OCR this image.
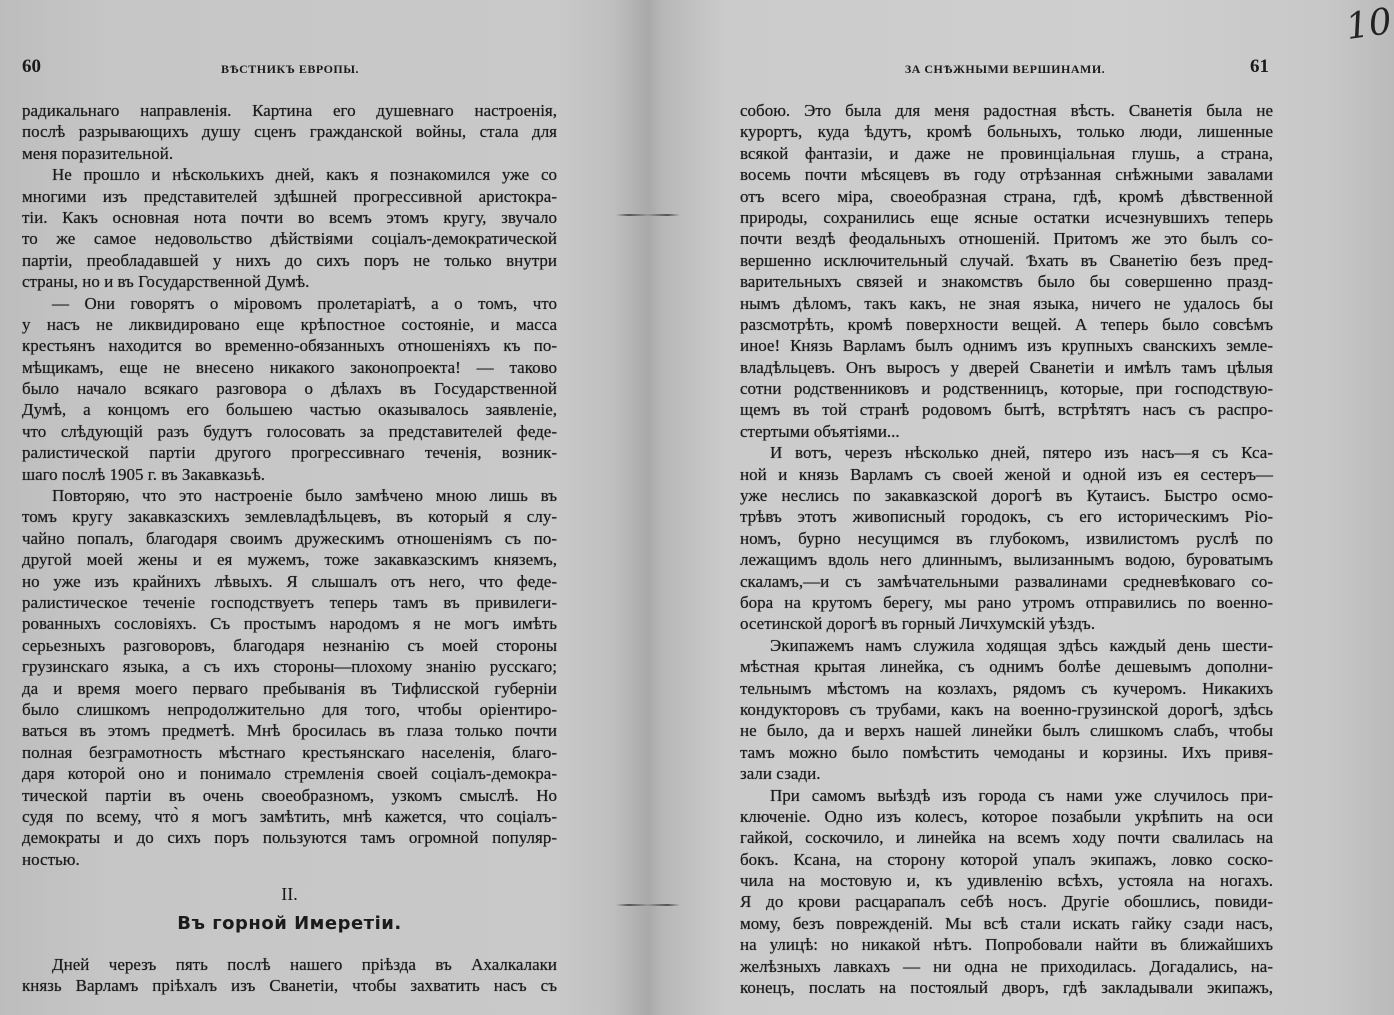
60	ВѢСТНИКЪ ЕВРОПЫ.
радикальнаго направленія. Картина его душевнаго настроенія,
послѣ разрывающихъ душу сценъ гражданской войны, стала для
меня поразительной.
Не прошло и нѣсколькихъ дней, какъ я познакомился уже со
многими изъ представителей здѣшней прогрессивной аристокра-
тіи. Какъ основная нота почти во всемъ этомъ кругу, звучало
то же самое недовольство дѣйствіями соціалъ-демократической
партіи, преобладавшей у нихъ до сихъ поръ не только внутри
страны, но и въ Государственной Думѣ.
— Они говорятъ о міровомъ пролетаріатѣ, а о томъ, что
у насъ не ликвидировано еще крѣпостное состояніе, и масса
крестьянъ находится во временно-обязанныхъ отношеніяхъ къ по-
мѣщикамъ, еще не внесено никакого законопроекта! — таково
было начало всякаго разговора о дѣлахъ въ Государственной
Думѣ, а концомъ его большею частью оказывалось заявленіе,
что слѣдующій разъ будутъ голосовать за представителей феде-
ралистической партіи другого прогрессивнаго теченія, возник-
шаго послѣ 1905 г. въ Закавказьѣ.
Повторяю, что это настроеніе было замѣчено мною лишь въ
томъ кругу закавказскихъ землевладѣльцевъ, въ который я слу-
чайно попалъ, благодаря своимъ дружескимъ отношеніямъ съ по-
другой моей жены и ея мужемъ, тоже закавказскимъ княземъ,
но уже изъ крайнихъ лѣвыхъ. Я слышалъ отъ него, что феде-
ралистическое теченіе господствуетъ теперь тамъ въ привилеги-
рованныхъ сословіяхъ. Съ простымъ народомъ я не могъ имѣть
серьезныхъ разговоровъ, благодаря незнанію съ моей стороны
грузинскаго языка, а съ ихъ стороны—плохому знанію русскаго;
да и время моего перваго пребыванія въ Тифлисской губерніи
было слишкомъ непродолжительно для того, чтобы оріентиро-
ваться въ этомъ предметѣ. Мнѣ бросилась въ глаза только почти
полная безграмотность мѣстнаго крестьянскаго населенія, благо-
даря которой оно и понимало стремленія своей соціалъ-демокра-
тической партіи въ очень своеобразномъ, узкомъ смыслѣ. Но
судя по всему, что̀ я могъ замѣтить, мнѣ кажется, что соціалъ-
демократы и до сихъ поръ пользуются тамъ огромной популяр-
ностью.
II.
Въ горной Имеретіи.
Дней черезъ пять послѣ нашего пріѣзда въ Ахалкалаки
князь Варламъ пріѣхалъ изъ Сванетіи, чтобы захватить насъ съ
ЗА СНѢЖНЫМИ ВЕРШИНАМИ.	61
собою. Это была для меня радостная вѣсть. Сванетія была не
курортъ, куда ѣдутъ, кромѣ больныхъ, только люди, лишенные
всякой фантазіи, и даже не провинціальная глушь, а страна,
восемь почти мѣсяцевъ въ году отрѣзанная снѣжными завалами
отъ всего міра, своеобразная страна, гдѣ, кромѣ дѣвственной
природы, сохранились еще ясные остатки исчезнувшихъ теперь
почти вездѣ феодальныхъ отношеній. Притомъ же это былъ со-
вершенно исключительный случай. Ѣхать въ Сванетію безъ пред-
варительныхъ связей и знакомствъ было бы совершенно празд-
нымъ дѣломъ, такъ какъ, не зная языка, ничего не удалось бы
разсмотрѣть, кромѣ поверхности вещей. А теперь было совсѣмъ
иное! Князь Варламъ былъ однимъ изъ крупныхъ сванскихъ земле-
владѣльцевъ. Онъ выросъ у дверей Сванетіи и имѣлъ тамъ цѣлыя
сотни родственниковъ и родственницъ, которые, при господствую-
щемъ въ той странѣ родовомъ бытѣ, встрѣтятъ насъ съ распро-
стертыми объятіями...
И вотъ, черезъ нѣсколько дней, пятеро изъ насъ—я съ Кса-
ной и князь Варламъ съ своей женой и одной изъ ея сестеръ—
уже неслись по закавказской дорогѣ въ Кутаисъ. Быстро осмо-
трѣвъ этотъ живописный городокъ, съ его историческимъ Ріо-
номъ, бурно несущимся въ глубокомъ, извилистомъ руслѣ по
лежащимъ вдоль него длиннымъ, вылизаннымъ водою, буроватымъ
скаламъ,—и съ замѣчательными развалинами средневѣковаго со-
бора на крутомъ берегу, мы рано утромъ отправились по военно-
осетинской дорогѣ въ горный Личхумскій уѣздъ.
Экипажемъ намъ служила ходящая здѣсь каждый день шести-
мѣстная крытая линейка, съ однимъ болѣе дешевымъ дополни-
тельнымъ мѣстомъ на козлахъ, рядомъ съ кучеромъ. Никакихъ
кондукторовъ съ трубами, какъ на военно-грузинской дорогѣ, здѣсь
не было, да и верхъ нашей линейки былъ слишкомъ слабъ, чтобы
тамъ можно было помѣстить чемоданы и корзины. Ихъ привя-
зали сзади.
При самомъ выѣздѣ изъ города съ нами уже случилось при-
ключеніе. Одно изъ колесъ, которое позабыли укрѣпить на оси
гайкой, соскочило, и линейка на всемъ ходу почти свалилась на
бокъ. Ксана, на сторону которой упалъ экипажъ, ловко соско-
чила на мостовую и, къ удивленію всѣхъ, устояла на ногахъ.
Я до крови расцарапалъ себѣ носъ. Другіе обошлись, повиди-
мому, безъ поврежденій. Мы всѣ стали искать гайку сзади насъ,
на улицѣ: но никакой нѣтъ. Попробовали найти въ ближайшихъ
желѣзныхъ лавкахъ — ни одна не приходилась. Догадались, на-
конецъ, послать на постоялый дворъ, гдѣ закладывали экипажъ,
10
